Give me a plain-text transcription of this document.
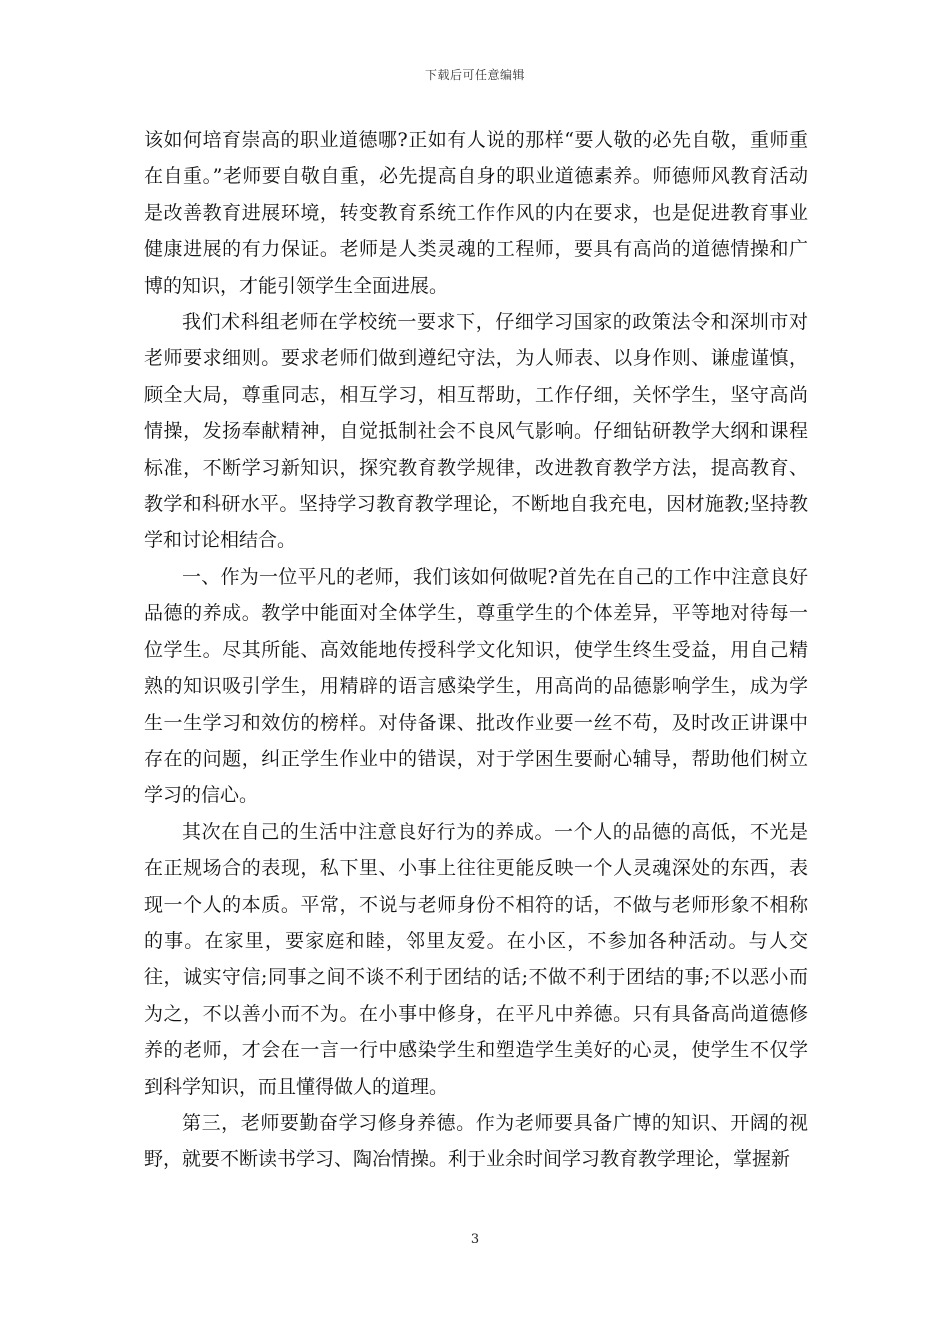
下载后可任意编辑

该如何培育崇高的职业道德哪?正如有人说的那样“要人敬的必先自敬，重师重在自重。”老师要自敬自重，必先提高自身的职业道德素养。师德师风教育活动是改善教育进展环境，转变教育系统工作作风的内在要求，也是促进教育事业健康进展的有力保证。老师是人类灵魂的工程师，要具有高尚的道德情操和广博的知识，才能引领学生全面进展。

我们术科组老师在学校统一要求下，仔细学习国家的政策法令和深圳市对老师要求细则。要求老师们做到遵纪守法，为人师表、以身作则、谦虚谨慎，顾全大局，尊重同志，相互学习，相互帮助，工作仔细，关怀学生，坚守高尚情操，发扬奉献精神，自觉抵制社会不良风气影响。仔细钻研教学大纲和课程标准，不断学习新知识，探究教育教学规律，改进教育教学方法，提高教育、教学和科研水平。坚持学习教育教学理论，不断地自我充电，因材施教;坚持教学和讨论相结合。

一、作为一位平凡的老师，我们该如何做呢?首先在自己的工作中注意良好品德的养成。教学中能面对全体学生，尊重学生的个体差异，平等地对待每一位学生。尽其所能、高效能地传授科学文化知识，使学生终生受益，用自己精熟的知识吸引学生，用精辟的语言感染学生，用高尚的品德影响学生，成为学生一生学习和效仿的榜样。对侍备课、批改作业要一丝不苟，及时改正讲课中存在的问题，纠正学生作业中的错误，对于学困生要耐心辅导，帮助他们树立学习的信心。

其次在自己的生活中注意良好行为的养成。一个人的品德的高低，不光是在正规场合的表现，私下里、小事上往往更能反映一个人灵魂深处的东西，表现一个人的本质。平常，不说与老师身份不相符的话，不做与老师形象不相称的事。在家里，要家庭和睦，邻里友爱。在小区，不参加各种活动。与人交往，诚实守信;同事之间不谈不利于团结的话;不做不利于团结的事;不以恶小而为之，不以善小而不为。在小事中修身，在平凡中养德。只有具备高尚道德修养的老师，才会在一言一行中感染学生和塑造学生美好的心灵，使学生不仅学到科学知识，而且懂得做人的道理。

第三，老师要勤奋学习修身养德。作为老师要具备广博的知识、开阔的视野，就要不断读书学习、陶冶情操。利于业余时间学习教育教学理论，掌握新

3
